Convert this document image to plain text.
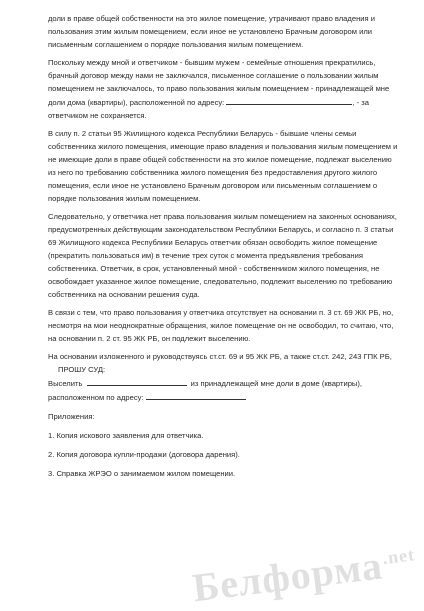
доли в праве общей собственности на это жилое помещение, утрачивают право владения и пользования этим жилым помещением, если иное не установлено Брачным договором или письменным соглашением о порядке пользования жилым помещением.

Поскольку между мной и ответчиком - бывшим мужем - семейные отношения прекратились, брачный договор между нами не заключался, письменное соглашение о пользовании жилым помещением не заключалось, то право пользования жилым помещением - принадлежащей мне доли дома (квартиры), расположенной по адресу:	, - за ответчиком не сохраняется.

В силу п. 2 статьи 95 Жилищного кодекса Республики Беларусь - бывшие члены семьи собственника жилого помещения, имеющие право владения и пользования жилым помещением и не имеющие доли в праве общей собственности на это жилое помещение, подлежат выселению из него по требованию собственника жилого помещения без предоставления другого жилого помещения, если иное не установлено Брачным договором или письменным соглашением о порядке пользования жилым помещением.

Следовательно, у ответчика нет права пользования жилым помещением на законных основаниях, предусмотренных действующим законодательством Республики Беларусь, и согласно п. 3 статьи 69 Жилищного кодекса Республики Беларусь ответчик обязан освободить жилое помещение (прекратить пользоваться им) в течение трех суток с момента предъявления требования собственника. Ответчик, в срок, установленный мной - собственником жилого помещения, не освобождает указанное жилое помещение, следовательно, подлежит выселению по требованию собственника на основании решения суда.

В связи с тем, что право пользования у ответчика отсутствует на основании п. 3 ст. 69 ЖК РБ, но, несмотря на мои неоднократные обращения, жилое помещение он не освободил, то считаю, что, на основании п. 2 ст. 95 ЖК РБ, он подлежит выселению.

На основании изложенного и руководствуясь ст.ст. 69 и 95 ЖК РБ, а также ст.ст. 242, 243 ГПК РБ,

ПРОШУ СУД:

Выселить	из принадлежащей мне доли в доме (квартиры),

расположенном по адресу:

Приложения:

1. Копия искового заявления для ответчика.

2. Копия договора купли-продажи (договора дарения).

3. Справка ЖРЭО о занимаемом жилом помещении.

Белформа$^{.net}$
